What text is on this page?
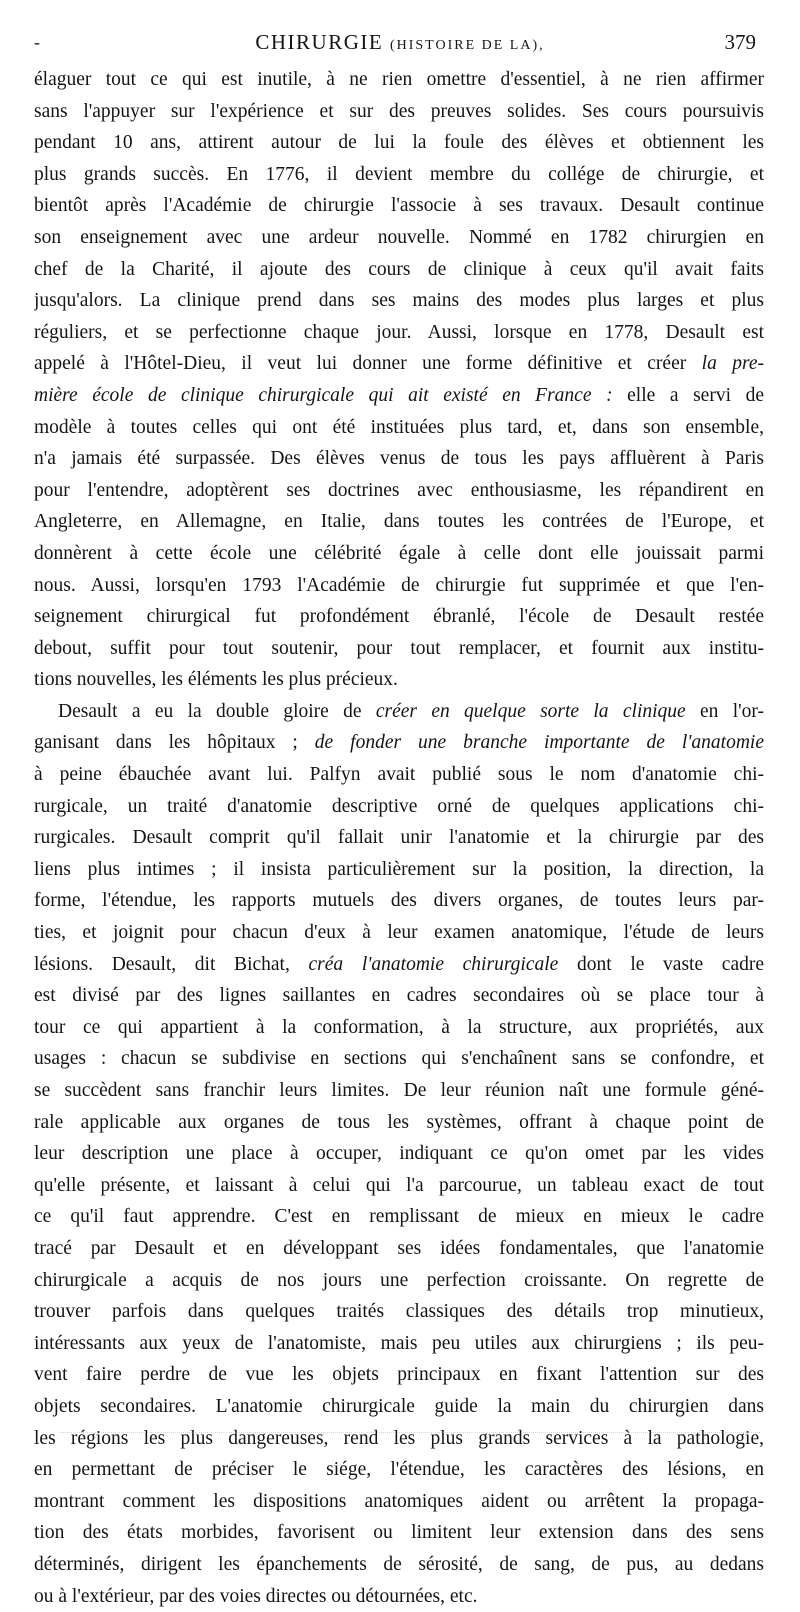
-	CHIRURGIE (HISTOIRE DE LA),	379
élaguer tout ce qui est inutile, à ne rien omettre d'essentiel, à ne rien affirmer
sans l'appuyer sur l'expérience et sur des preuves solides. Ses cours poursuivis
pendant 10 ans, attirent autour de lui la foule des élèves et obtiennent les
plus grands succès. En 1776, il devient membre du collége de chirurgie, et
bientôt après l'Académie de chirurgie l'associe à ses travaux. Desault continue
son enseignement avec une ardeur nouvelle. Nommé en 1782 chirurgien en
chef de la Charité, il ajoute des cours de clinique à ceux qu'il avait faits
jusqu'alors. La clinique prend dans ses mains des modes plus larges et plus
réguliers, et se perfectionne chaque jour. Aussi, lorsque en 1778, Desault est
appelé à l'Hôtel-Dieu, il veut lui donner une forme définitive et créer la pre-
mière école de clinique chirurgicale qui ait existé en France : elle a servi de
modèle à toutes celles qui ont été instituées plus tard, et, dans son ensemble,
n'a jamais été surpassée. Des élèves venus de tous les pays affluèrent à Paris
pour l'entendre, adoptèrent ses doctrines avec enthousiasme, les répandirent en
Angleterre, en Allemagne, en Italie, dans toutes les contrées de l'Europe, et
donnèrent à cette école une célébrité égale à celle dont elle jouissait parmi
nous. Aussi, lorsqu'en 1793 l'Académie de chirurgie fut supprimée et que l'en-
seignement chirurgical fut profondément ébranlé, l'école de Desault restée
debout, suffit pour tout soutenir, pour tout remplacer, et fournit aux institu-
tions nouvelles, les éléments les plus précieux.
Desault a eu la double gloire de créer en quelque sorte la clinique en l'or-
ganisant dans les hôpitaux ; de fonder une branche importante de l'anatomie
à peine ébauchée avant lui. Palfyn avait publié sous le nom d'anatomie chi-
rurgicale, un traité d'anatomie descriptive orné de quelques applications chi-
rurgicales. Desault comprit qu'il fallait unir l'anatomie et la chirurgie par des
liens plus intimes ; il insista particulièrement sur la position, la direction, la
forme, l'étendue, les rapports mutuels des divers organes, de toutes leurs par-
ties, et joignit pour chacun d'eux à leur examen anatomique, l'étude de leurs
lésions. Desault, dit Bichat, créa l'anatomie chirurgicale dont le vaste cadre
est divisé par des lignes saillantes en cadres secondaires où se place tour à
tour ce qui appartient à la conformation, à la structure, aux propriétés, aux
usages : chacun se subdivise en sections qui s'enchaînent sans se confondre, et
se succèdent sans franchir leurs limites. De leur réunion naît une formule géné-
rale applicable aux organes de tous les systèmes, offrant à chaque point de
leur description une place à occuper, indiquant ce qu'on omet par les vides
qu'elle présente, et laissant à celui qui l'a parcourue, un tableau exact de tout
ce qu'il faut apprendre. C'est en remplissant de mieux en mieux le cadre
tracé par Desault et en développant ses idées fondamentales, que l'anatomie
chirurgicale a acquis de nos jours une perfection croissante. On regrette de
trouver parfois dans quelques traités classiques des détails trop minutieux,
intéressants aux yeux de l'anatomiste, mais peu utiles aux chirurgiens ; ils peu-
vent faire perdre de vue les objets principaux en fixant l'attention sur des
objets secondaires. L'anatomie chirurgicale guide la main du chirurgien dans
les régions les plus dangereuses, rend les plus grands services à la pathologie,
en permettant de préciser le siége, l'étendue, les caractères des lésions, en
montrant comment les dispositions anatomiques aident ou arrêtent la propaga-
tion des états morbides, favorisent ou limitent leur extension dans des sens
déterminés, dirigent les épanchements de sérosité, de sang, de pus, au dedans
ou à l'extérieur, par des voies directes ou détournées, etc.
